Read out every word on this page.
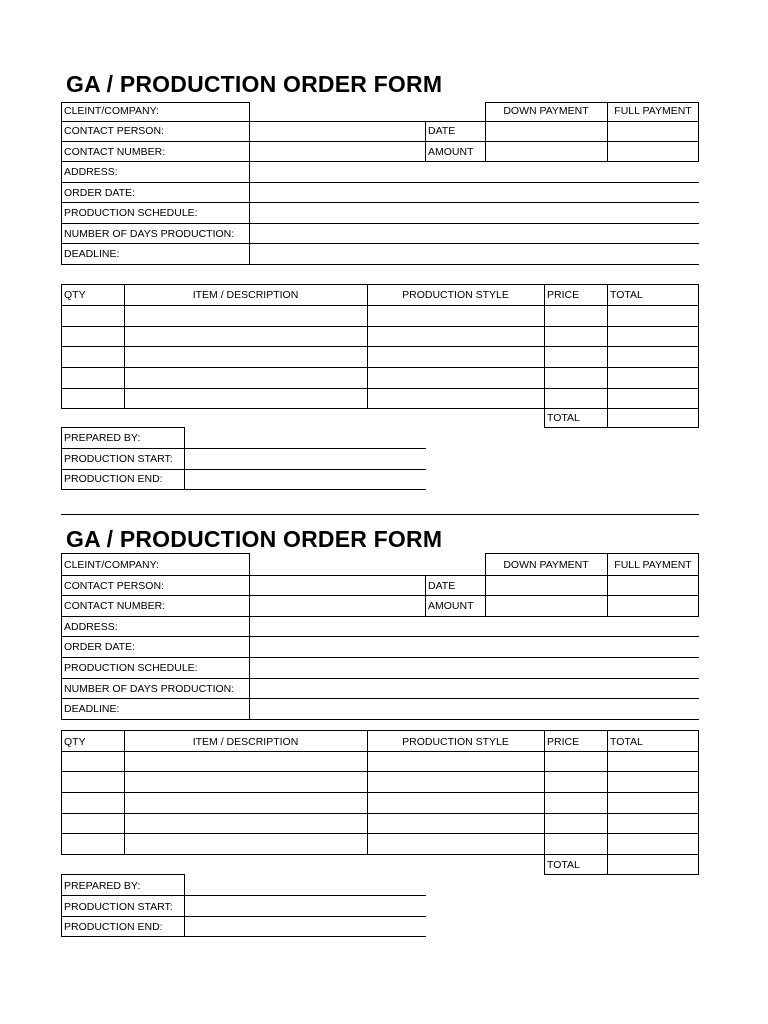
GA / PRODUCTION ORDER FORM
CLEINT/COMPANY:
CONTACT PERSON:
CONTACT NUMBER:
ADDRESS:
ORDER DATE:
PRODUCTION SCHEDULE:
NUMBER OF DAYS PRODUCTION:
DEADLINE:
DOWN PAYMENT	FULL PAYMENT
DATE
AMOUNT
QTY	ITEM / DESCRIPTION	PRODUCTION STYLE	PRICE	TOTAL
TOTAL
PREPARED BY:
PRODUCTION START:
PRODUCTION END:
GA / PRODUCTION ORDER FORM
CLEINT/COMPANY:
CONTACT PERSON:
CONTACT NUMBER:
ADDRESS:
ORDER DATE:
PRODUCTION SCHEDULE:
NUMBER OF DAYS PRODUCTION:
DEADLINE:
DOWN PAYMENT	FULL PAYMENT
DATE
AMOUNT
QTY	ITEM / DESCRIPTION	PRODUCTION STYLE	PRICE	TOTAL
TOTAL
PREPARED BY:
PRODUCTION START:
PRODUCTION END:
